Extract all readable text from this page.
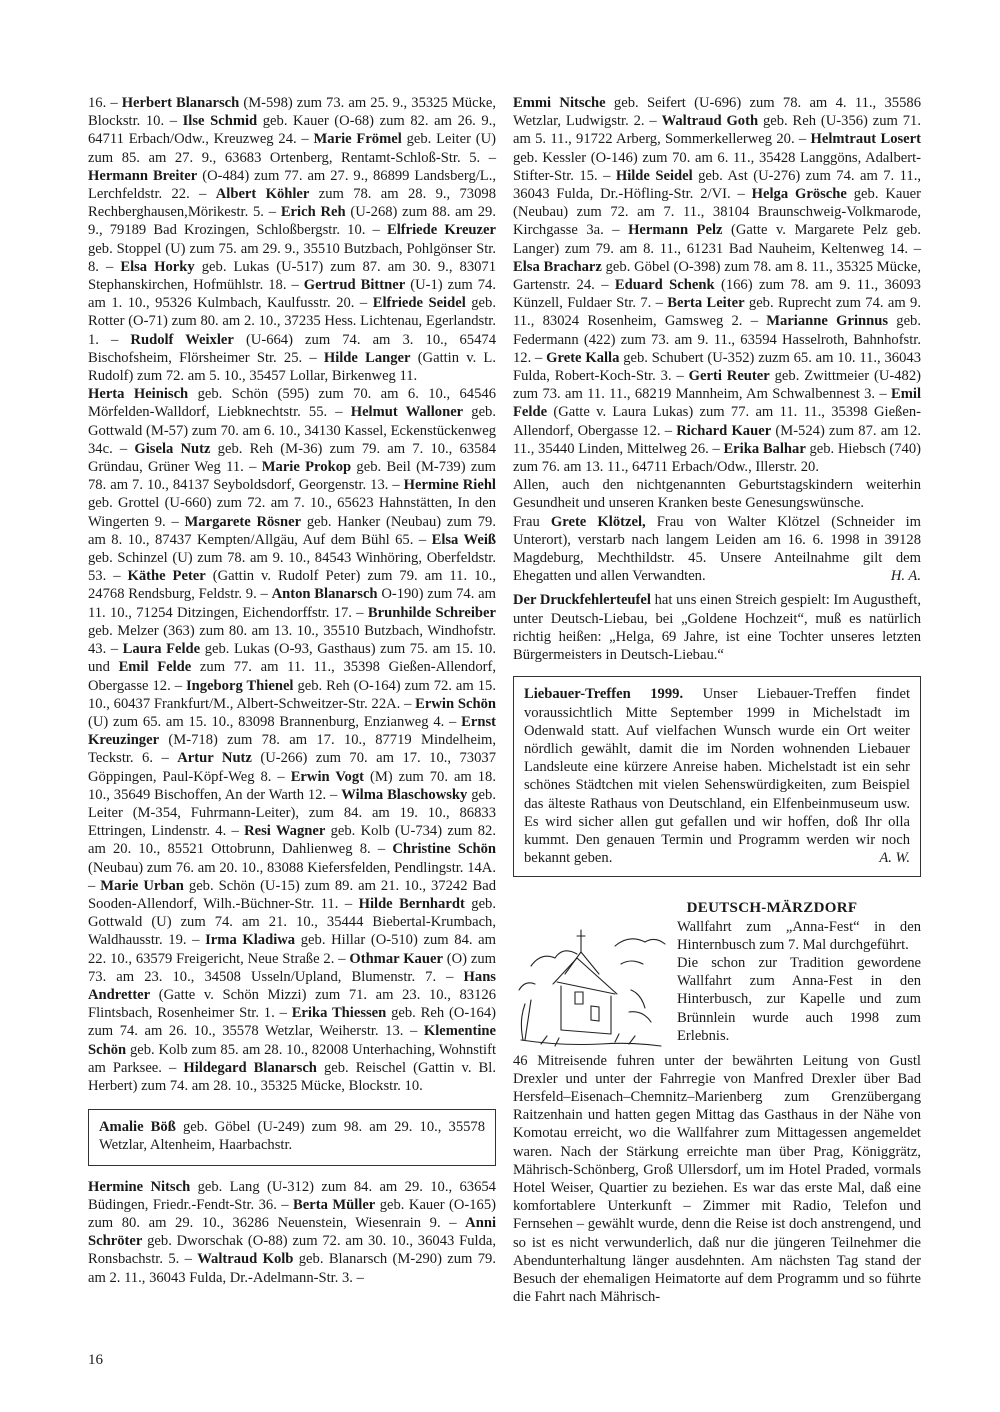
16. – Herbert Blanarsch (M-598) zum 73. am 25. 9., 35325 Mücke, Blockstr. 10. – Ilse Schmid geb. Kauer (O-68) zum 82. am 26. 9., 64711 Erbach/Odw., Kreuzweg 24. – Marie Frömel geb. Leiter (U) zum 85. am 27. 9., 63683 Ortenberg, Rentamt-Schloß-Str. 5. – Hermann Breiter (O-484) zum 77. am 27. 9., 86899 Landsberg/L., Lerchfeldstr. 22. – Albert Köhler zum 78. am 28. 9., 73098 Rechberghausen,Mörikestr. 5. – Erich Reh (U-268) zum 88. am 29. 9., 79189 Bad Krozingen, Schloßbergstr. 10. – Elfriede Kreuzer geb. Stoppel (U) zum 75. am 29. 9., 35510 Butzbach, Pohlgönser Str. 8. – Elsa Horky geb. Lukas (U-517) zum 87. am 30. 9., 83071 Stephanskirchen, Hofmühlstr. 18. – Gertrud Bittner (U-1) zum 74. am 1. 10., 95326 Kulmbach, Kaulfusstr. 20. – Elfriede Seidel geb. Rotter (O-71) zum 80. am 2. 10., 37235 Hess. Lichtenau, Egerlandstr. 1. – Rudolf Weixler (U-664) zum 74. am 3. 10., 65474 Bischofsheim, Flörsheimer Str. 25. – Hilde Langer (Gattin v. L. Rudolf) zum 72. am 5. 10., 35457 Lollar, Birkenweg 11.

Herta Heinisch geb. Schön (595) zum 70. am 6. 10., 64546 Mörfelden-Walldorf, Liebknechtstr. 55. – Helmut Walloner geb. Gottwald (M-57) zum 70. am 6. 10., 34130 Kassel, Eckenstückenweg 34c. – Gisela Nutz geb. Reh (M-36) zum 79. am 7. 10., 63584 Gründau, Grüner Weg 11. – Marie Prokop geb. Beil (M-739) zum 78. am 7. 10., 84137 Seyboldsdorf, Georgenstr. 13. – Hermine Riehl geb. Grottel (U-660) zum 72. am 7. 10., 65623 Hahnstätten, In den Wingerten 9. – Margarete Rösner geb. Hanker (Neubau) zum 79. am 8. 10., 87437 Kempten/Allgäu, Auf dem Bühl 65. – Elsa Weiß geb. Schinzel (U) zum 78. am 9. 10., 84543 Winhöring, Oberfeldstr. 53. – Käthe Peter (Gattin v. Rudolf Peter) zum 79. am 11. 10., 24768 Rendsburg, Feldstr. 9. – Anton Blanarsch O-190) zum 74. am 11. 10., 71254 Ditzingen, Eichendorffstr. 17. – Brunhilde Schreiber geb. Melzer (363) zum 80. am 13. 10., 35510 Butzbach, Windhofstr. 43. – Laura Felde geb. Lukas (O-93, Gasthaus) zum 75. am 15. 10. und Emil Felde zum 77. am 11. 11., 35398 Gießen-Allendorf, Obergasse 12. – Ingeborg Thienel geb. Reh (O-164) zum 72. am 15. 10., 60437 Frankfurt/M., Albert-Schweitzer-Str. 22A. – Erwin Schön (U) zum 65. am 15. 10., 83098 Brannenburg, Enzianweg 4. – Ernst Kreuzinger (M-718) zum 78. am 17. 10., 87719 Mindelheim, Teckstr. 6. – Artur Nutz (U-266) zum 70. am 17. 10., 73037 Göppingen, Paul-Köpf-Weg 8. – Erwin Vogt (M) zum 70. am 18. 10., 35649 Bischoffen, An der Warth 12. – Wilma Blaschowsky geb. Leiter (M-354, Fuhrmann-Leiter), zum 84. am 19. 10., 86833 Ettringen, Lindenstr. 4. – Resi Wagner geb. Kolb (U-734) zum 82. am 20. 10., 85521 Ottobrunn, Dahlienweg 8. – Christine Schön (Neubau) zum 76. am 20. 10., 83088 Kiefersfelden, Pendlingstr. 14A. – Marie Urban geb. Schön (U-15) zum 89. am 21. 10., 37242 Bad Sooden-Allendorf, Wilh.-Büchner-Str. 11. – Hilde Bernhardt geb. Gottwald (U) zum 74. am 21. 10., 35444 Biebertal-Krumbach, Waldhausstr. 19. – Irma Kladiwa geb. Hillar (O-510) zum 84. am 22. 10., 63579 Freigericht, Neue Straße 2. – Othmar Kauer (O) zum 73. am 23. 10., 34508 Usseln/Upland, Blumenstr. 7. – Hans Andretter (Gatte v. Schön Mizzi) zum 71. am 23. 10., 83126 Flintsbach, Rosenheimer Str. 1. – Erika Thiessen geb. Reh (O-164) zum 74. am 26. 10., 35578 Wetzlar, Weiherstr. 13. – Klementine Schön geb. Kolb zum 85. am 28. 10., 82008 Unterhaching, Wohnstift am Parksee. – Hildegard Blanarsch geb. Reischel (Gattin v. Bl. Herbert) zum 74. am 28. 10., 35325 Mücke, Blockstr. 10.

Amalie Böß geb. Göbel (U-249) zum 98. am 29. 10., 35578 Wetzlar, Altenheim, Haarbachstr.

Hermine Nitsch geb. Lang (U-312) zum 84. am 29. 10., 63654 Büdingen, Friedr.-Fendt-Str. 36. – Berta Müller geb. Kauer (O-165) zum 80. am 29. 10., 36286 Neuenstein, Wiesenrain 9. – Anni Schröter geb. Dworschak (O-88) zum 72. am 30. 10., 36043 Fulda, Ronsbachstr. 5. – Waltraud Kolb geb. Blanarsch (M-290) zum 79. am 2. 11., 36043 Fulda, Dr.-Adelmann-Str. 3. –

Emmi Nitsche geb. Seifert (U-696) zum 78. am 4. 11., 35586 Wetzlar, Ludwigstr. 2. – Waltraud Goth geb. Reh (U-356) zum 71. am 5. 11., 91722 Arberg, Sommerkellerweg 20. – Helmtraut Losert geb. Kessler (O-146) zum 70. am 6. 11., 35428 Langgöns, Adalbert-Stifter-Str. 15. – Hilde Seidel geb. Ast (U-276) zum 74. am 7. 11., 36043 Fulda, Dr.-Höfling-Str. 2/VI. – Helga Grösche geb. Kauer (Neubau) zum 72. am 7. 11., 38104 Braunschweig-Volkmarode, Kirchgasse 3a. – Hermann Pelz (Gatte v. Margarete Pelz geb. Langer) zum 79. am 8. 11., 61231 Bad Nauheim, Keltenweg 14. – Elsa Bracharz geb. Göbel (O-398) zum 78. am 8. 11., 35325 Mücke, Gartenstr. 24. – Eduard Schenk (166) zum 78. am 9. 11., 36093 Künzell, Fuldaer Str. 7. – Berta Leiter geb. Ruprecht zum 74. am 9. 11., 83024 Rosenheim, Gamsweg 2. – Marianne Grinnus geb. Federmann (422) zum 73. am 9. 11., 63594 Hasselroth, Bahnhofstr. 12. – Grete Kalla geb. Schubert (U-352) zuzm 65. am 10. 11., 36043 Fulda, Robert-Koch-Str. 3. – Gerti Reuter geb. Zwittmeier (U-482) zum 73. am 11. 11., 68219 Mannheim, Am Schwalbennest 3. – Emil Felde (Gatte v. Laura Lukas) zum 77. am 11. 11., 35398 Gießen-Allendorf, Obergasse 12. – Richard Kauer (M-524) zum 87. am 12. 11., 35440 Linden, Mittelweg 26. – Erika Balhar geb. Hiebsch (740) zum 76. am 13. 11., 64711 Erbach/Odw., Illerstr. 20.

Allen, auch den nichtgenannten Geburtstagskindern weiterhin Gesundheit und unseren Kranken beste Genesungswünsche.

Frau Grete Klötzel, Frau von Walter Klötzel (Schneider im Unterort), verstarb nach langem Leiden am 16. 6. 1998 in 39128 Magdeburg, Mechthildstr. 45. Unsere Anteilnahme gilt dem Ehegatten und allen Verwandten.	H. A.

Der Druckfehlerteufel hat uns einen Streich gespielt: Im Augustheft, unter Deutsch-Liebau, bei „Goldene Hochzeit“, muß es natürlich richtig heißen: „Helga, 69 Jahre, ist eine Tochter unseres letzten Bürgermeisters in Deutsch-Liebau.“

Liebauer-Treffen 1999. Unser Liebauer-Treffen findet voraussichtlich Mitte September 1999 in Michelstadt im Odenwald statt. Auf vielfachen Wunsch wurde ein Ort weiter nördlich gewählt, damit die im Norden wohnenden Liebauer Landsleute eine kürzere Anreise haben. Michelstadt ist ein sehr schönes Städtchen mit vielen Sehenswürdigkeiten, zum Beispiel das älteste Rathaus von Deutschland, ein Elfenbeinmuseum usw. Es wird sicher allen gut gefallen und wir hoffen, doß Ihr olla kummt. Den genauen Termin und Programm werden wir noch bekannt geben.	A. W.

DEUTSCH-MÄRZDORF

Wallfahrt zum „Anna-Fest“ in den Hinternbusch zum 7. Mal durchgeführt.

Die schon zur Tradition gewordene Wallfahrt zum Anna-Fest in den Hinterbusch, zur Kapelle und zum Brünnlein wurde auch 1998 zum Erlebnis.

46 Mitreisende fuhren unter der bewährten Leitung von Gustl Drexler und unter der Fahrregie von Manfred Drexler über Bad Hersfeld–Eisenach–Chemnitz–Marienberg zum Grenzübergang Raitzenhain und hatten gegen Mittag das Gasthaus in der Nähe von Komotau erreicht, wo die Wallfahrer zum Mittagessen angemeldet waren. Nach der Stärkung erreichte man über Prag, Königgrätz, Mährisch-Schönberg, Groß Ullersdorf, um im Hotel Praded, vormals Hotel Weiser, Quartier zu beziehen. Es war das erste Mal, daß eine komfortablere Unterkunft – Zimmer mit Radio, Telefon und Fernsehen – gewählt wurde, denn die Reise ist doch anstrengend, und so ist es nicht verwunderlich, daß nur die jüngeren Teilnehmer die Abendunterhaltung länger ausdehnten. Am nächsten Tag stand der Besuch der ehemaligen Heimatorte auf dem Programm und so führte die Fahrt nach Mährisch-

16
